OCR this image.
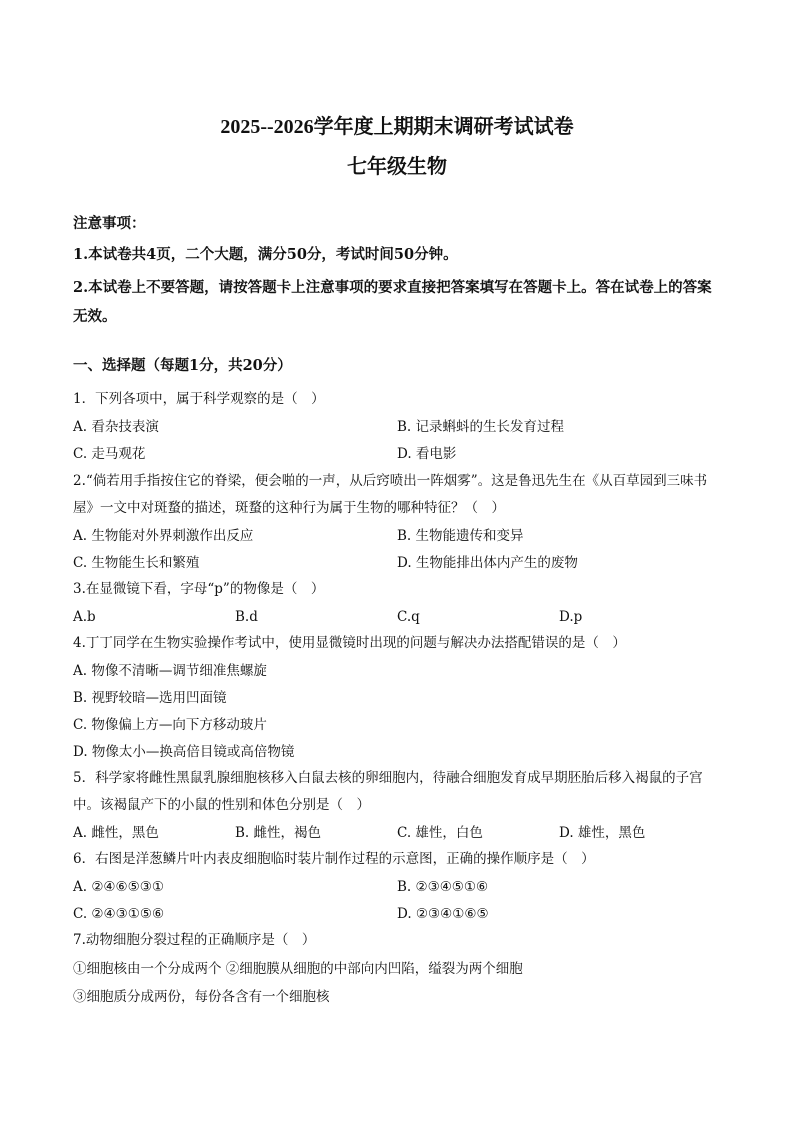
2025--2026学年度上期期末调研考试试卷
七年级生物
注意事项：
1.本试卷共4页，二个大题，满分50分，考试时间50分钟。
2.本试卷上不要答题，请按答题卡上注意事项的要求直接把答案填写在答题卡上。答在试卷上的答案无效。
一、选择题（每题1分，共20分）
1．下列各项中，属于科学观察的是（　）
A. 看杂技表演	B. 记录蝌蚪的生长发育过程
C. 走马观花	D. 看电影
2.“倘若用手指按住它的脊梁，便会啪的一声，从后窍喷出一阵烟雾”。这是鲁迅先生在《从百草园到三味书屋》一文中对斑蝥的描述，斑蝥的这种行为属于生物的哪种特征？（　）
A. 生物能对外界刺激作出反应	B. 生物能遗传和变异
C. 生物能生长和繁殖	D. 生物能排出体内产生的废物
3.在显微镜下看，字母“p”的物像是（　）
A.b	B.d	C.q	D.p
4.丁丁同学在生物实验操作考试中，使用显微镜时出现的问题与解决办法搭配错误的是（　）
A. 物像不清晰—调节细准焦螺旋
B. 视野较暗—选用凹面镜
C. 物像偏上方—向下方移动玻片
D. 物像太小—换高倍目镜或高倍物镜
5．科学家将雌性黑鼠乳腺细胞核移入白鼠去核的卵细胞内，待融合细胞发育成早期胚胎后移入褐鼠的子宫中。该褐鼠产下的小鼠的性别和体色分别是（　）
A. 雌性，黑色	B. 雌性，褐色	C. 雄性，白色	D. 雄性，黑色
6．右图是洋葱鳞片叶内表皮细胞临时装片制作过程的示意图，正确的操作顺序是（　）
A. ②④⑥⑤③①	B. ②③④⑤①⑥
C. ②④③①⑤⑥	D. ②③④①⑥⑤
7.动物细胞分裂过程的正确顺序是（　）
①细胞核由一个分成两个 ②细胞膜从细胞的中部向内凹陷，缢裂为两个细胞
③细胞质分成两份，每份各含有一个细胞核
